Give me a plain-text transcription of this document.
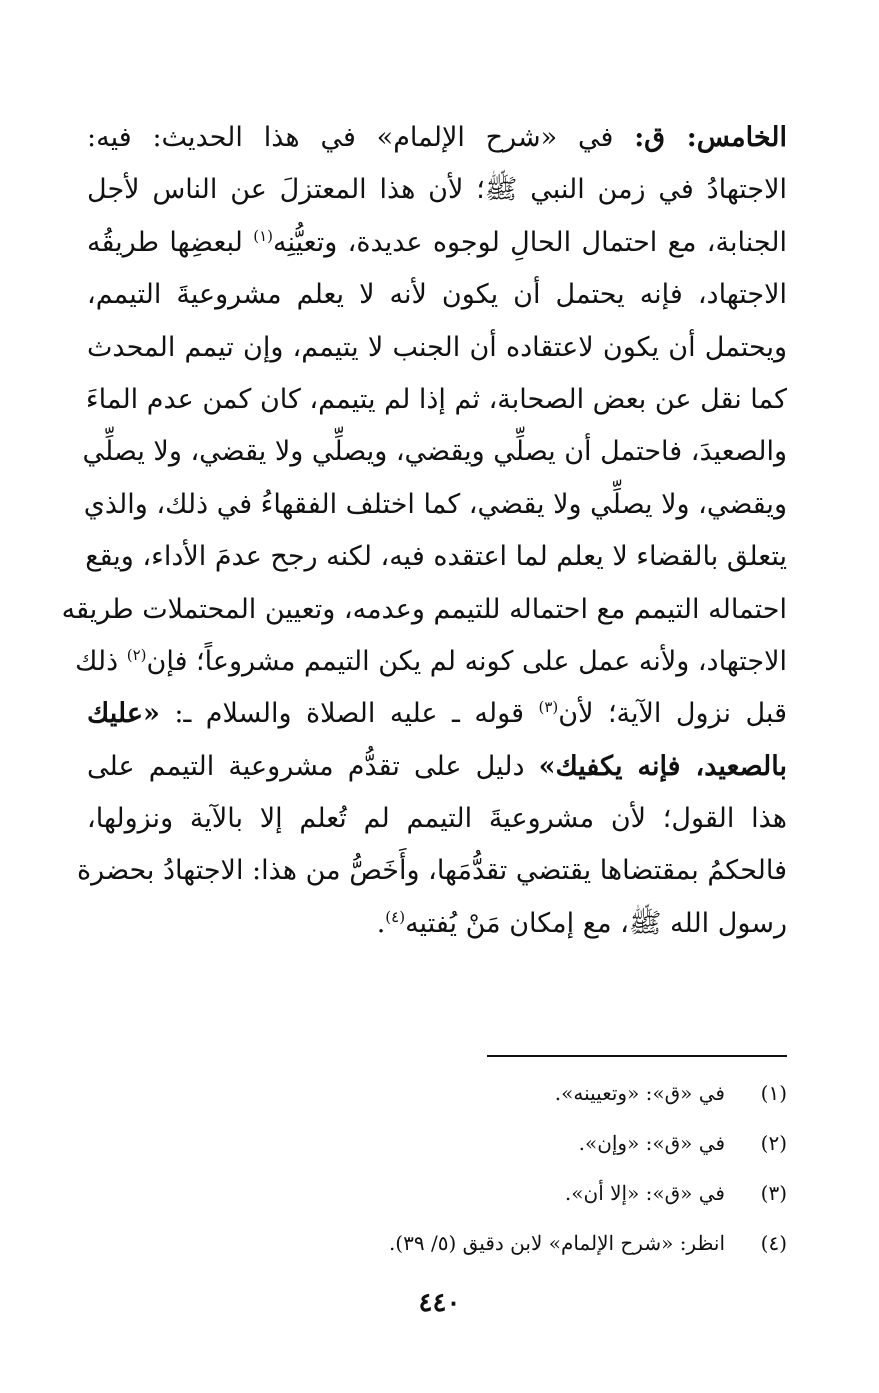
الخامس: ق: في «شرح الإلمام» في هذا الحديث: فيه:
الاجتهادُ في زمن النبي ﷺ؛ لأن هذا المعتزلَ عن الناس لأجل
الجنابة، مع احتمال الحالِ لوجوه عديدة، وتعيُّنِه$^{(١)}$ لبعضِها طريقُه
الاجتهاد، فإنه يحتمل أن يكون لأنه لا يعلم مشروعيةَ التيمم،
ويحتمل أن يكون لاعتقاده أن الجنب لا يتيمم، وإن تيمم المحدث
كما نقل عن بعض الصحابة، ثم إذا لم يتيمم، كان كمن عدم الماءَ
والصعيدَ، فاحتمل أن يصلِّي ويقضي، ويصلِّي ولا يقضي، ولا يصلِّي
ويقضي، ولا يصلِّي ولا يقضي، كما اختلف الفقهاءُ في ذلك، والذي
يتعلق بالقضاء لا يعلم لما اعتقده فيه، لكنه رجح عدمَ الأداء، ويقع
احتماله التيمم مع احتماله للتيمم وعدمه، وتعيين المحتملات طريقه
الاجتهاد، ولأنه عمل على كونه لم يكن التيمم مشروعاً؛ فإن$^{(٢)}$ ذلك
قبل نزول الآية؛ لأن$^{(٣)}$ قوله ـ عليه الصلاة والسلام ـ: «عليك
بالصعيد، فإنه يكفيك» دليل على تقدُّم مشروعية التيمم على
هذا القول؛ لأن مشروعيةَ التيمم لم تُعلم إلا بالآية ونزولها،
فالحكمُ بمقتضاها يقتضي تقدُّمَها، وأَخَصُّ من هذا: الاجتهادُ بحضرة
رسول الله ﷺ، مع إمكان مَنْ يُفتيه$^{(٤)}$.
(١)
في «ق»: «وتعيينه».
(٢)
في «ق»: «وإن».
(٣)
في «ق»: «إلا أن».
(٤)
انظر: «شرح الإلمام» لابن دقيق (٥/ ٣٩).
٤٤٠
